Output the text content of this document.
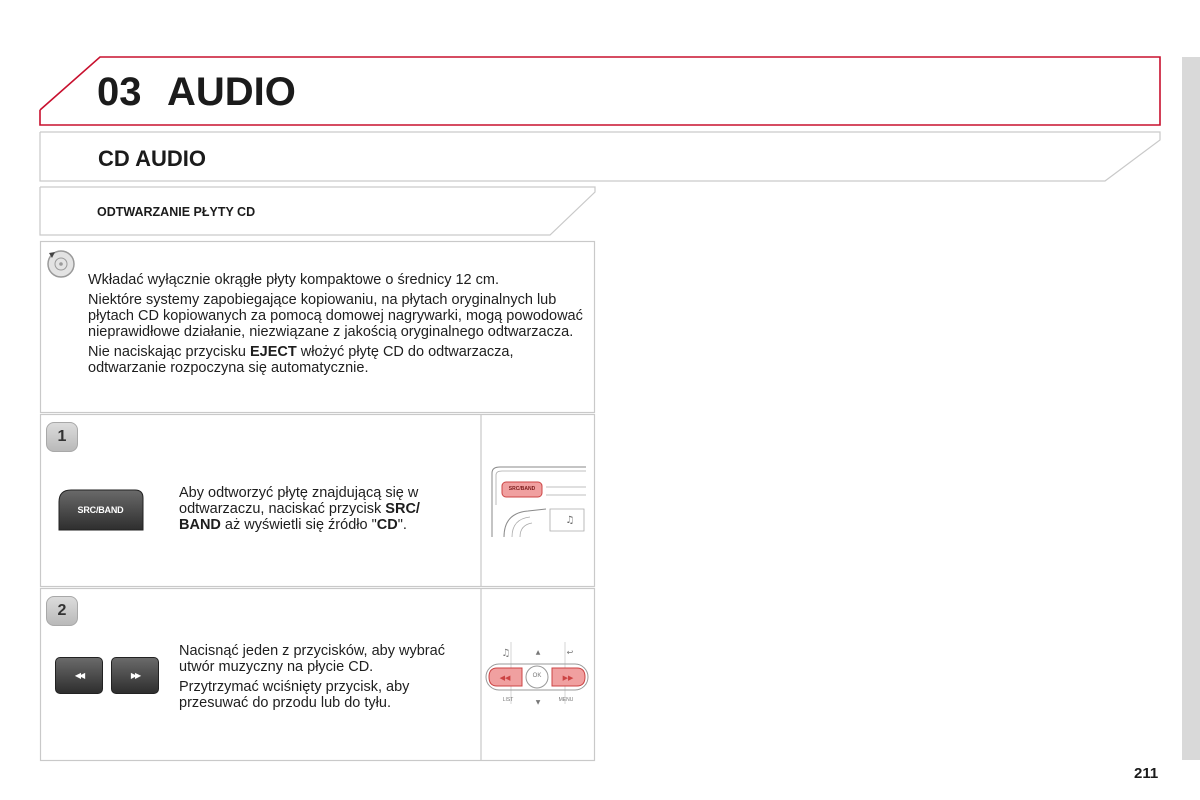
03 AUDIO
CD AUDIO
ODTWARZANIE PŁYTY CD

Wkładać wyłącznie okrągłe płyty kompaktowe o średnicy 12 cm.

Niektóre systemy zapobiegające kopiowaniu, na płytach oryginalnych lub płytach CD kopiowanych za pomocą domowej nagrywarki, mogą powodować nieprawidłowe działanie, niezwiązane z jakością oryginalnego odtwarzacza.

Nie naciskając przycisku EJECT włożyć płytę CD do odtwarzacza, odtwarzanie rozpoczyna się automatycznie.

1
SRC/BAND
Aby odtworzyć płytę znajdującą się w odtwarzaczu, naciskać przycisk SRC/ BAND aż wyświetli się źródło "CD".	♫
SRC/BAND
2
◀◀	▶▶

Nacisnąć jeden z przycisków, aby wybrać utwór muzyczny na płycie CD.

Przytrzymać wciśnięty przycisk, aby przesuwać do przodu lub do tyłu.

♫	▲	↩
◀◀	▶▶
▼
OK
LIST	MENU
211
